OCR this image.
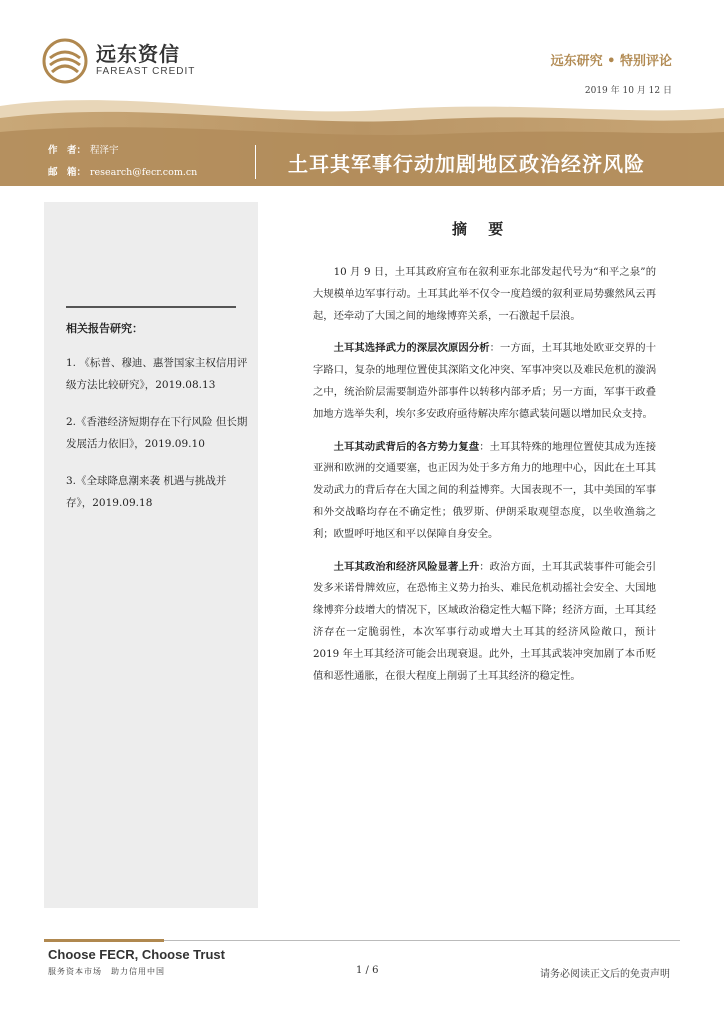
远东资信
FAREAST CREDIT
远东研究 • 特别评论
2019 年 10 月 12 日
作　者： 程泽宇
邮　箱： research@fecr.com.cn	土耳其军事行动加剧地区政治经济风险
相关报告研究：
1. 《标普、穆迪、惠誉国家主权信用评级方法比较研究》，2019.08.13
2.《香港经济短期存在下行风险 但长期发展活力依旧》，2019.09.10
3.《全球降息潮来袭 机遇与挑战并存》，2019.09.18
摘 要

10 月 9 日，土耳其政府宣布在叙利亚东北部发起代号为“和平之泉”的大规模单边军事行动。土耳其此举不仅令一度趋缓的叙利亚局势骤然风云再起，还牵动了大国之间的地缘博弈关系，一石激起千层浪。

土耳其选择武力的深层次原因分析：一方面，土耳其地处欧亚交界的十字路口，复杂的地理位置使其深陷文化冲突、军事冲突以及难民危机的漩涡之中，统治阶层需要制造外部事件以转移内部矛盾；另一方面，军事干政叠加地方选举失利，埃尔多安政府亟待解决库尔德武装问题以增加民众支持。

土耳其动武背后的各方势力复盘：土耳其特殊的地理位置使其成为连接亚洲和欧洲的交通要塞，也正因为处于多方角力的地理中心，因此在土耳其发动武力的背后存在大国之间的利益博弈。大国表现不一，其中美国的军事和外交战略均存在不确定性；俄罗斯、伊朗采取观望态度，以坐收渔翁之利；欧盟呼吁地区和平以保障自身安全。

土耳其政治和经济风险显著上升：政治方面，土耳其武装事件可能会引发多米诺骨牌效应，在恐怖主义势力抬头、难民危机动摇社会安全、大国地缘博弈分歧增大的情况下，区域政治稳定性大幅下降；经济方面，土耳其经济存在一定脆弱性，本次军事行动或增大土耳其的经济风险敞口，预计 2019 年土耳其经济可能会出现衰退。此外，土耳其武装冲突加剧了本币贬值和恶性通胀，在很大程度上削弱了土耳其经济的稳定性。

Choose FECR, Choose Trust
服务资本市场　助力信用中国	1 / 6	请务必阅读正文后的免责声明
